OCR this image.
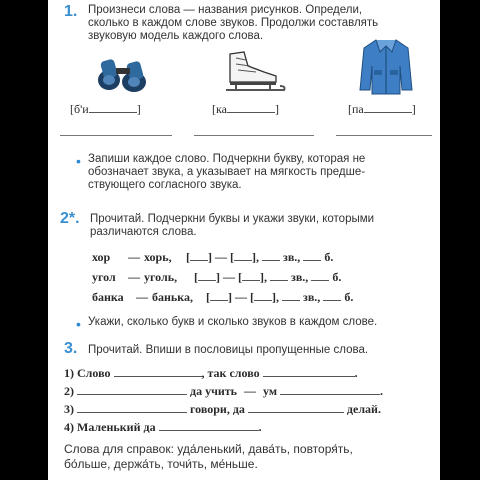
1. Произнеси слова — названия рисунков. Определи,
сколько в каждом слове звуков. Продолжи составлять
звуковую модель каждого слова.
[б'и	]	[ка	]	[па	]
• Запиши каждое слово. Подчеркни букву, которая не
обозначает звука, а указывает на мягкость предше-
ствующего согласного звука.
2*. Прочитай. Подчеркни буквы и укажи звуки, которыми
различаются слова.
хор — хорь, [ ] — [ ],  зв., б.
угол — уголь, [ ] — [ ],  зв., б.
банка — банька, [ ] — [ ],  зв., б.
• Укажи, сколько букв и сколько звуков в каждом слове.
3. Прочитай. Впиши в пословицы пропущенные слова.
1) Слово	, так слово	.
2)	да учить — ум	.
3)	говори, да	делай.
4) Маленький да	.
Слова для справок: уда́ленький, дава́ть, повторя́ть,
бо́льше, держа́ть, точи́ть, ме́ньше.
